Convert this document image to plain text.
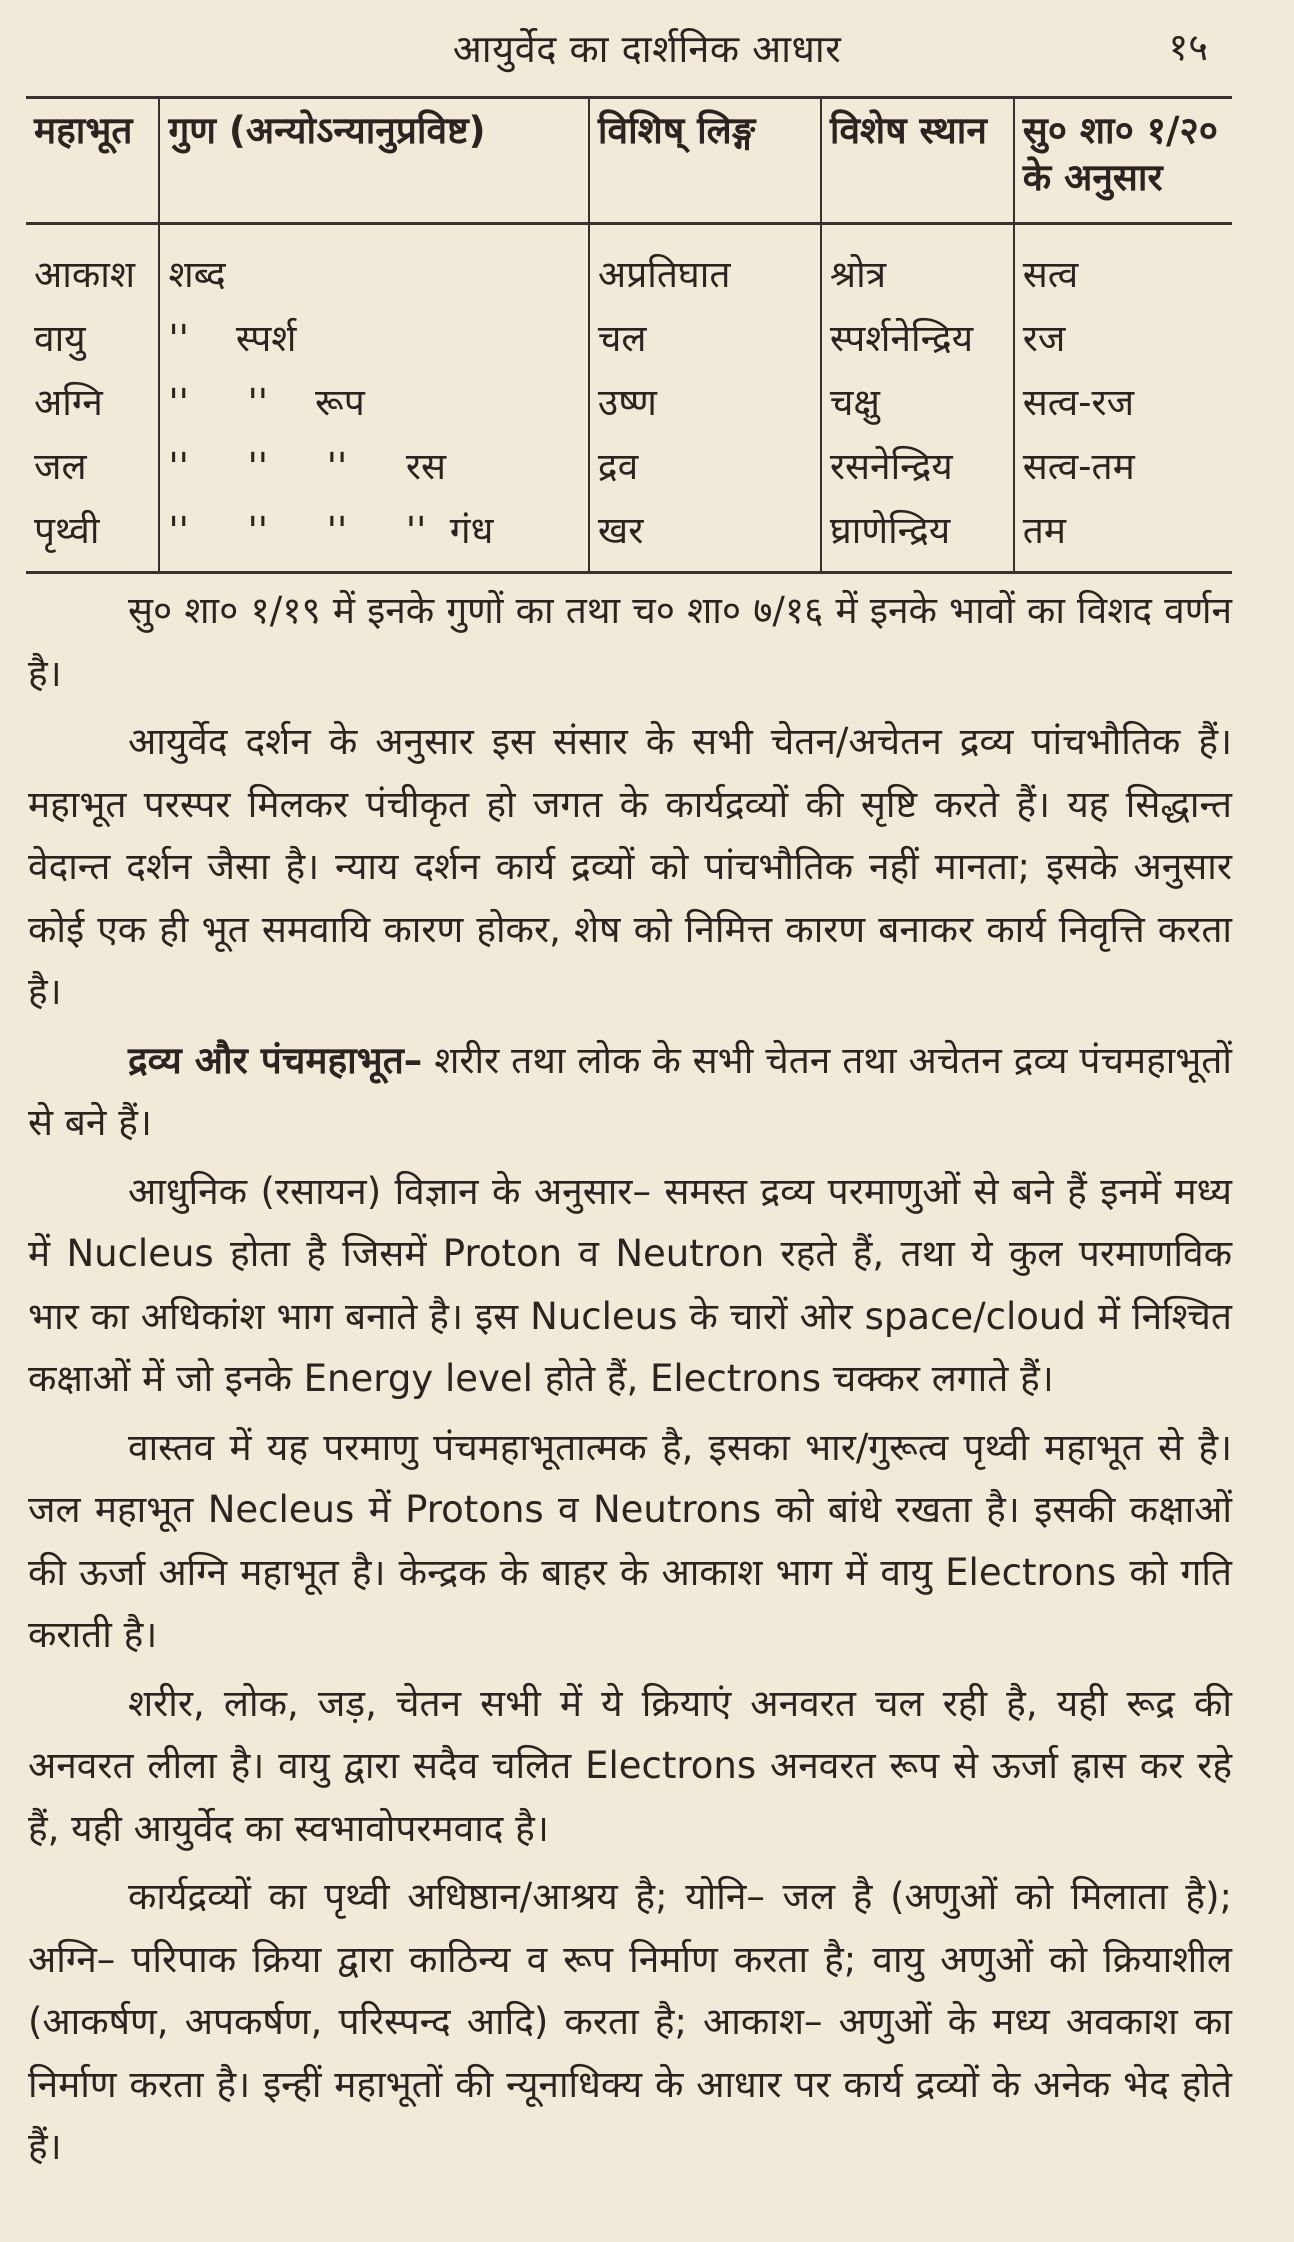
आयुर्वेद का दार्शनिक आधार	१५
महाभूत	गुण (अन्योऽन्यानुप्रविष्ट)	विशिष् लिङ्ग	विशेष स्थान	सु० शा० १/२० के अनुसार
आकाश	शब्द	अप्रतिघात	श्रोत्र	सत्व
वायु	''    स्पर्श	चल	स्पर्शनेन्द्रिय	रज
अग्नि	''     ''    रूप	उष्ण	चक्षु	सत्व-रज
जल	''     ''     ''     रस	द्रव	रसनेन्द्रिय	सत्व-तम
पृथ्वी	''     ''     ''     ''  गंध	खर	घ्राणेन्द्रिय	तम

सु० शा० १/१९ में इनके गुणों का तथा च० शा० ७/१६ में इनके भावों का विशद वर्णन है।

आयुर्वेद दर्शन के अनुसार इस संसार के सभी चेतन/अचेतन द्रव्य पांचभौतिक हैं। महाभूत परस्पर मिलकर पंचीकृत हो जगत के कार्यद्रव्यों की सृष्टि करते हैं। यह सिद्धान्त वेदान्त दर्शन जैसा है। न्याय दर्शन कार्य द्रव्यों को पांचभौतिक नहीं मानता; इसके अनुसार कोई एक ही भूत समवायि कारण होकर, शेष को निमित्त कारण बनाकर कार्य निवृत्ति करता है।

द्रव्य और पंचमहाभूत– शरीर तथा लोक के सभी चेतन तथा अचेतन द्रव्य पंचमहाभूतों से बने हैं।

आधुनिक (रसायन) विज्ञान के अनुसार– समस्त द्रव्य परमाणुओं से बने हैं इनमें मध्य में Nucleus होता है जिसमें Proton व Neutron रहते हैं, तथा ये कुल परमाणविक भार का अधिकांश भाग बनाते है। इस Nucleus के चारों ओर space/cloud में निश्चित कक्षाओं में जो इनके Energy level होते हैं, Electrons चक्कर लगाते हैं।

वास्तव में यह परमाणु पंचमहाभूतात्मक है, इसका भार/गुरूत्व पृथ्वी महाभूत से है। जल महाभूत Necleus में Protons व Neutrons को बांधे रखता है। इसकी कक्षाओं की ऊर्जा अग्नि महाभूत है। केन्द्रक के बाहर के आकाश भाग में वायु Electrons को गति कराती है।

शरीर, लोक, जड़, चेतन सभी में ये क्रियाएं अनवरत चल रही है, यही रूद्र की अनवरत लीला है। वायु द्वारा सदैव चलित Electrons अनवरत रूप से ऊर्जा ह्रास कर रहे हैं, यही आयुर्वेद का स्वभावोपरमवाद है।

कार्यद्रव्यों का पृथ्वी अधिष्ठान/आश्रय है; योनि– जल है (अणुओं को मिलाता है); अग्नि– परिपाक क्रिया द्वारा काठिन्य व रूप निर्माण करता है; वायु अणुओं को क्रियाशील (आकर्षण, अपकर्षण, परिस्पन्द आदि) करता है; आकाश– अणुओं के मध्य अवकाश का निर्माण करता है। इन्हीं महाभूतों की न्यूनाधिक्य के आधार पर कार्य द्रव्यों के अनेक भेद होते हैं।
